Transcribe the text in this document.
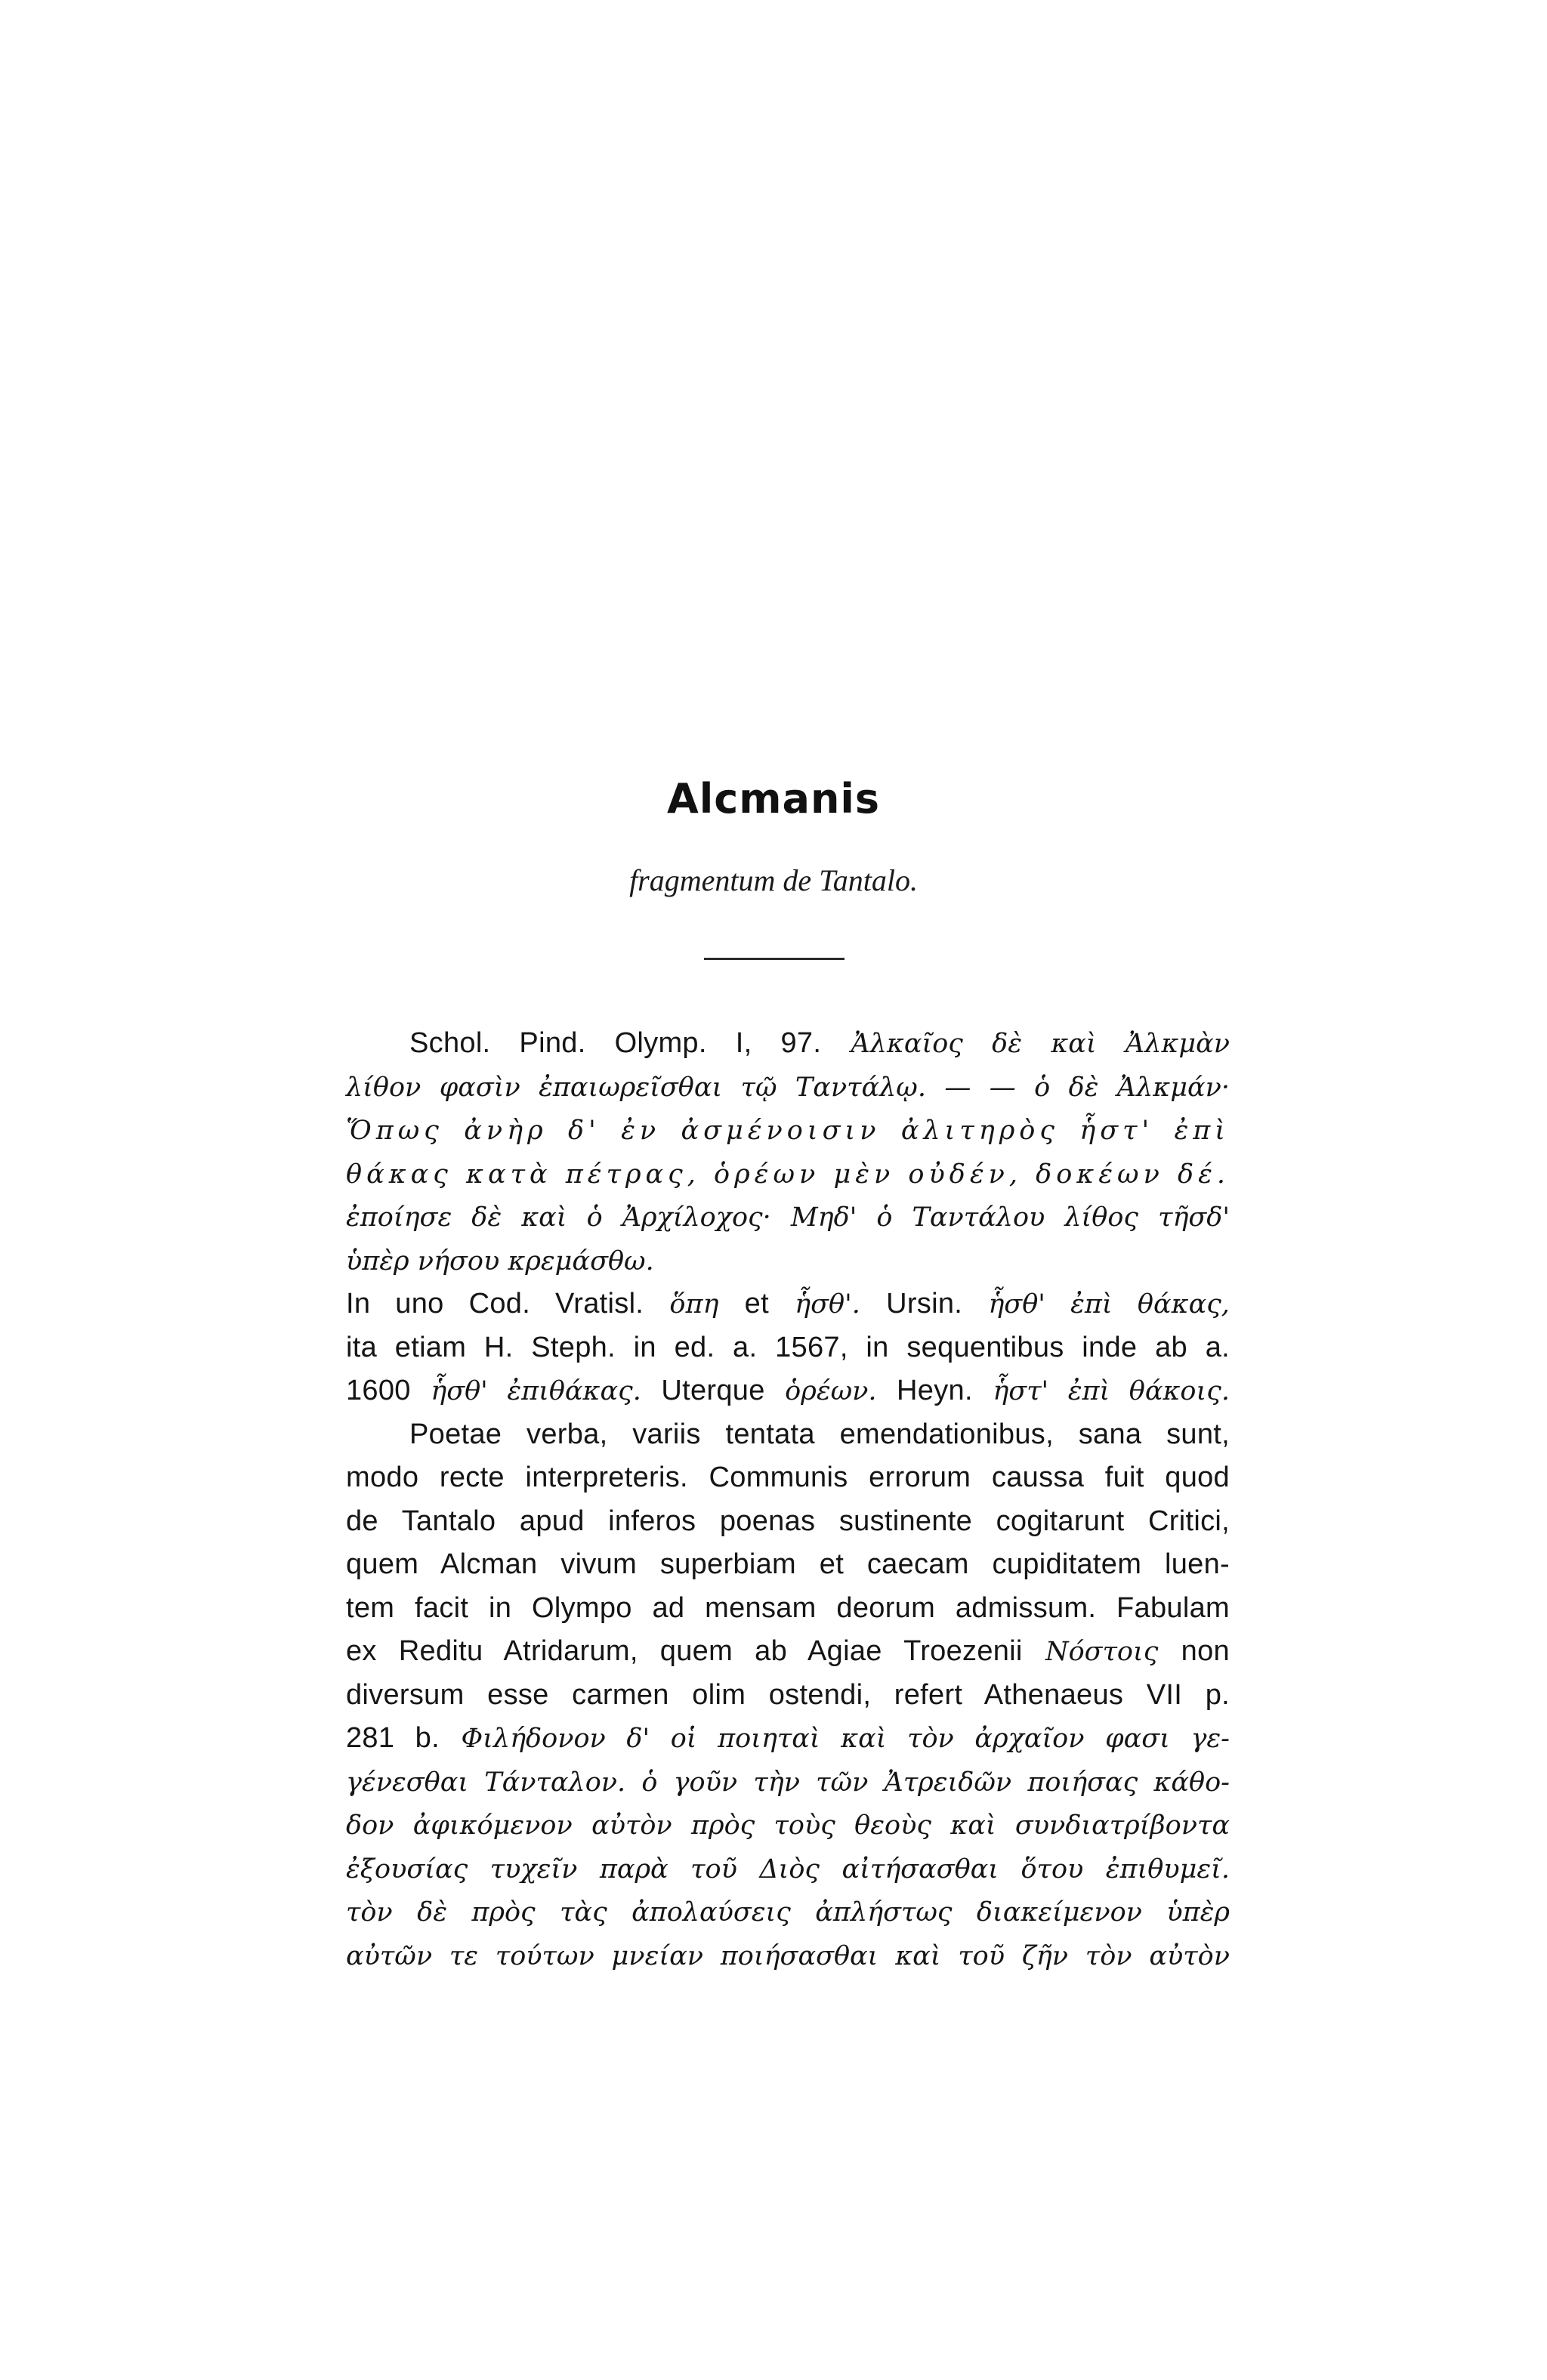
Alcmanis
fragmentum de Tantalo.
Schol. Pind. Olymp. I, 97. Ἀλκαῖος δὲ καὶ Ἀλκμὰν
λίθον φασὶν ἐπαιωρεῖσθαι τῷ Ταντάλῳ. — — ὁ δὲ Ἀλκμάν·
Ὅπως ἀνὴρ δ' ἐν ἀσμένοισιν ἀλιτηρὸς ἧστ' ἐπὶ
θάκας κατὰ πέτρας, ὁρέων μὲν οὐδέν, δοκέων δέ.
ἐποίησε δὲ καὶ ὁ Ἀρχίλοχος· Μηδ' ὁ Ταντάλου λίθος τῆσδ'
ὑπὲρ νήσου κρεμάσθω.
In uno Cod. Vratisl. ὅπη et ἧσθ'. Ursin. ἧσθ' ἐπὶ θάκας,
ita etiam H. Steph. in ed. a. 1567, in sequentibus inde ab a.
1600 ἧσθ' ἐπιθάκας. Uterque ὁρέων. Heyn. ἧστ' ἐπὶ θάκοις.
Poetae verba, variis tentata emendationibus, sana sunt,
modo recte interpreteris. Communis errorum caussa fuit quod
de Tantalo apud inferos poenas sustinente cogitarunt Critici,
quem Alcman vivum superbiam et caecam cupiditatem luen-
tem facit in Olympo ad mensam deorum admissum. Fabulam
ex Reditu Atridarum, quem ab Agiae Troezenii Νόστοις non
diversum esse carmen olim ostendi, refert Athenaeus VII p.
281 b. Φιλήδονον δ' οἱ ποιηταὶ καὶ τὸν ἀρχαῖον φασι γε-
γένεσθαι Τάνταλον. ὁ γοῦν τὴν τῶν Ἀτρειδῶν ποιήσας κάθο-
δον ἀφικόμενον αὐτὸν πρὸς τοὺς θεοὺς καὶ συνδιατρίβοντα
ἐξουσίας τυχεῖν παρὰ τοῦ Διὸς αἰτήσασθαι ὅτου ἐπιθυμεῖ.
τὸν δὲ πρὸς τὰς ἀπολαύσεις ἀπλήστως διακείμενον ὑπὲρ
αὐτῶν τε τούτων μνείαν ποιήσασθαι καὶ τοῦ ζῆν τὸν αὐτὸν
